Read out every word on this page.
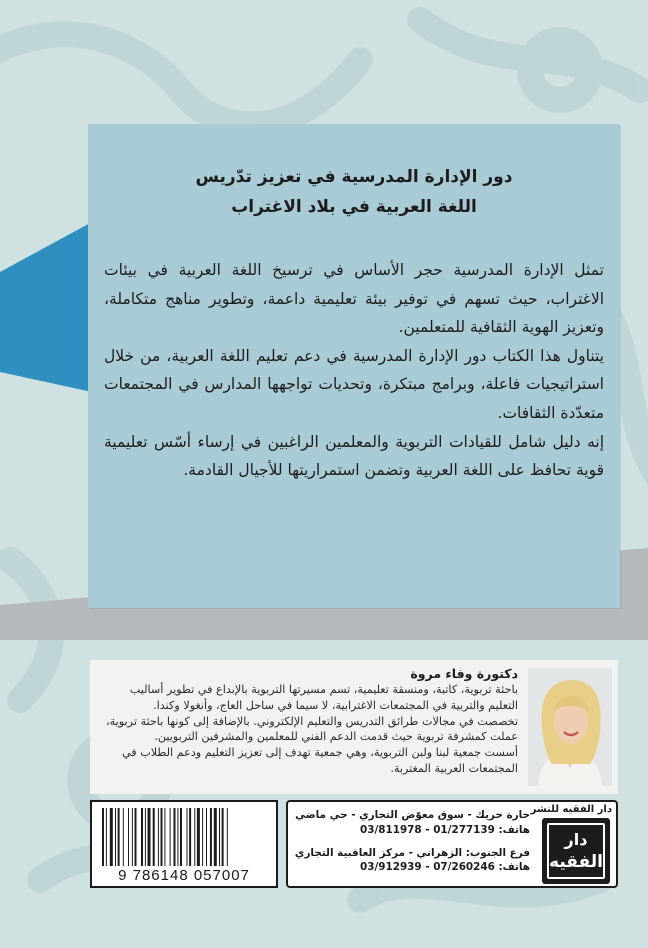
دور الإدارة المدرسية في تعزيز تدّريس
اللغة العربية في بلاد الاغتراب

تمثل الإدارة المدرسية حجر الأساس في ترسيخ اللغة العربية في بيئات الاغتراب، حيث تسهم في توفير بيئة تعليمية داعمة، وتطوير مناهج متكاملة، وتعزيز الهوية الثقافية للمتعلمين.

يتناول هذا الكتاب دور الإدارة المدرسية في دعم تعليم اللغة العربية، من خلال استراتيجيات فاعلة، وبرامج مبتكرة، وتحديات تواجهها المدارس في المجتمعات متعدّدة الثقافات.

إنه دليل شامل للقيادات التربوية والمعلمين الراغبين في إرساء أسّس تعليمية قوية تحافظ على اللغة العربية وتضمن استمراريتها للأجيال القادمة.

دكتورة وفاء مروة

باحثة تربوية، كاتبة، ومنسقة تعليمية، تسم مسيرتها التربوية بالإبداع في تطوير أساليب

التعليم والتربية في المجتمعات الاغترابية، لا سيما في ساحل العاج، وأنغولا وكندا.

تخصصت في مجالات طرائق التدريس والتعليم الإلكتروني. بالإضافة إلى كونها باحثة تربوية،

عملت كمشرفة تربوية حيث قدمت الدعم الفني للمعلمين والمشرفين التربويين.

أسست جمعية لبنا ولبن التربوية، وهي جمعية تهدف إلى تعزيز التعليم ودعم الطلاب في

المجتمعات العربية المغتربة.

9 786148 057007
دار الفقيه للنشر
دار
الفقيه

حارة حريك - سوق معوّض التجاري - حي ماضي

هاتف: 01/277139 - 03/811978

فرع الجنوب: الزهراني - مركز العاقبية التجاري

هاتف: 07/260246 - 03/912939
